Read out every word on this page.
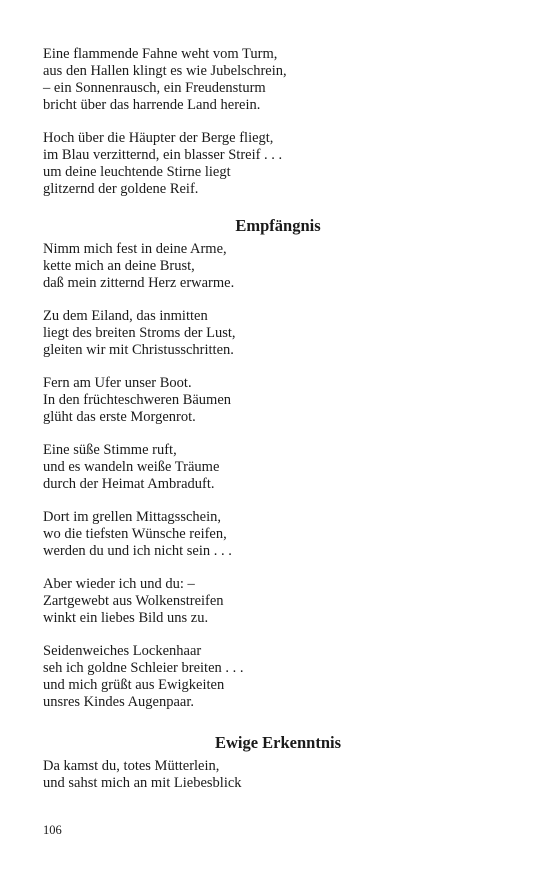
Eine flammende Fahne weht vom Turm,
aus den Hallen klingt es wie Jubelschrein,
– ein Sonnenrausch, ein Freudensturm
bricht über das harrende Land herein.
Hoch über die Häupter der Berge fliegt,
im Blau verzitternd, ein blasser Streif . . .
um deine leuchtende Stirne liegt
glitzernd der goldene Reif.
Empfängnis
Nimm mich fest in deine Arme,
kette mich an deine Brust,
daß mein zitternd Herz erwarme.
Zu dem Eiland, das inmitten
liegt des breiten Stroms der Lust,
gleiten wir mit Christusschritten.
Fern am Ufer unser Boot.
In den früchteschweren Bäumen
glüht das erste Morgenrot.
Eine süße Stimme ruft,
und es wandeln weiße Träume
durch der Heimat Ambraduft.
Dort im grellen Mittagsschein,
wo die tiefsten Wünsche reifen,
werden du und ich nicht sein . . .
Aber wieder ich und du: –
Zartgewebt aus Wolkenstreifen
winkt ein liebes Bild uns zu.
Seidenweiches Lockenhaar
seh ich goldne Schleier breiten . . .
und mich grüßt aus Ewigkeiten
unsres Kindes Augenpaar.
Ewige Erkenntnis
Da kamst du, totes Mütterlein,
und sahst mich an mit Liebesblick
106
